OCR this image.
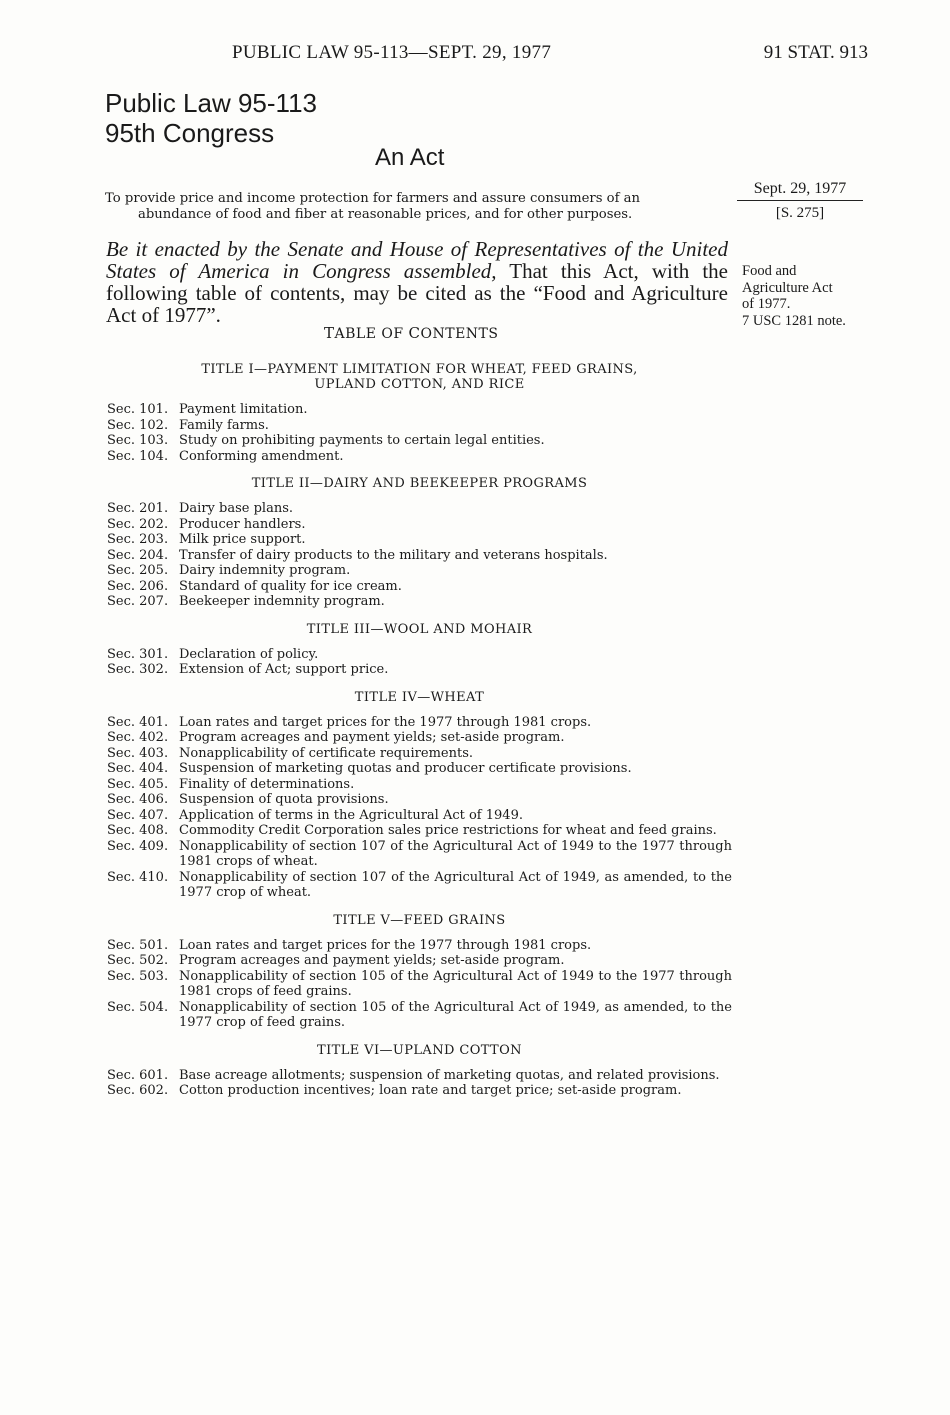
PUBLIC LAW 95-113—SEPT. 29, 1977	91 STAT. 913
Public Law 95-113
95th Congress
An Act
To provide price and income protection for farmers and assure consumers of an
abundance of food and fiber at reasonable prices, and for other purposes.
Sept. 29, 1977
[S. 275]
Be it enacted by the Senate and House of Representatives of the United States of America in Congress assembled, That this Act, with the following table of contents, may be cited as the “Food and Agriculture Act of 1977”.
Food and
Agriculture Act
of 1977.
7 USC 1281 note.
TABLE OF CONTENTS
TITLE I—PAYMENT LIMITATION FOR WHEAT, FEED GRAINS, UPLAND COTTON, AND RICE
Sec. 101. Payment limitation.
Sec. 102. Family farms.
Sec. 103. Study on prohibiting payments to certain legal entities.
Sec. 104. Conforming amendment.
TITLE II—DAIRY AND BEEKEEPER PROGRAMS
Sec. 201. Dairy base plans.
Sec. 202. Producer handlers.
Sec. 203. Milk price support.
Sec. 204. Transfer of dairy products to the military and veterans hospitals.
Sec. 205. Dairy indemnity program.
Sec. 206. Standard of quality for ice cream.
Sec. 207. Beekeeper indemnity program.
TITLE III—WOOL AND MOHAIR
Sec. 301. Declaration of policy.
Sec. 302. Extension of Act; support price.
TITLE IV—WHEAT
Sec. 401. Loan rates and target prices for the 1977 through 1981 crops.
Sec. 402. Program acreages and payment yields; set-aside program.
Sec. 403. Nonapplicability of certificate requirements.
Sec. 404. Suspension of marketing quotas and producer certificate provisions.
Sec. 405. Finality of determinations.
Sec. 406. Suspension of quota provisions.
Sec. 407. Application of terms in the Agricultural Act of 1949.
Sec. 408. Commodity Credit Corporation sales price restrictions for wheat and feed grains.
Sec. 409. Nonapplicability of section 107 of the Agricultural Act of 1949 to the 1977 through 1981 crops of wheat.
Sec. 410. Nonapplicability of section 107 of the Agricultural Act of 1949, as amended, to the 1977 crop of wheat.
TITLE V—FEED GRAINS
Sec. 501. Loan rates and target prices for the 1977 through 1981 crops.
Sec. 502. Program acreages and payment yields; set-aside program.
Sec. 503. Nonapplicability of section 105 of the Agricultural Act of 1949 to the 1977 through 1981 crops of feed grains.
Sec. 504. Nonapplicability of section 105 of the Agricultural Act of 1949, as amended, to the 1977 crop of feed grains.
TITLE VI—UPLAND COTTON
Sec. 601. Base acreage allotments; suspension of marketing quotas, and related provisions.
Sec. 602. Cotton production incentives; loan rate and target price; set-aside program.
